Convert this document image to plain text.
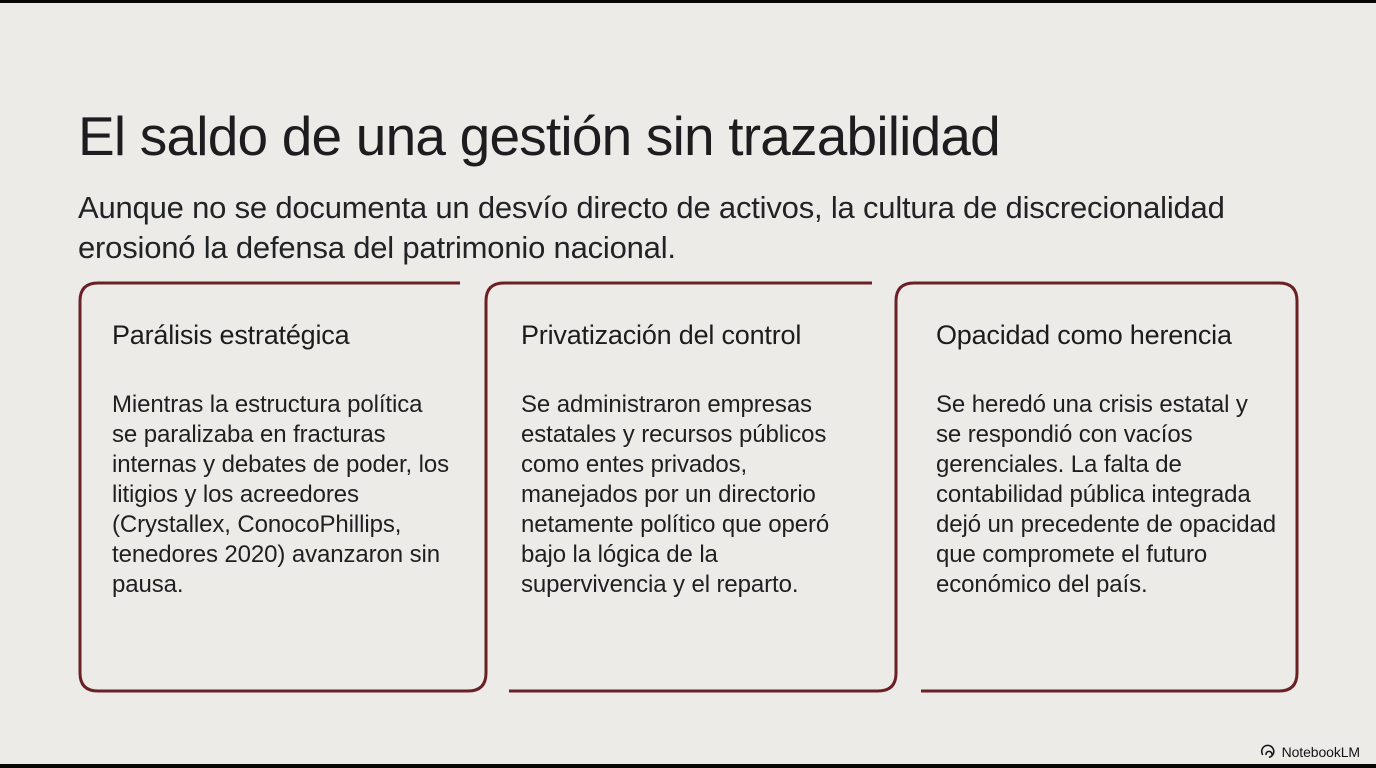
El saldo de una gestión sin trazabilidad

Aunque no se documenta un desvío directo de activos, la cultura de discrecionalidad erosionó la defensa del patrimonio nacional.

Parálisis estratégica

Mientras la estructura política se paralizaba en fracturas internas y debates de poder, los litigios y los acreedores (Crystallex, ConocoPhillips, tenedores 2020) avanzaron sin pausa.

Privatización del control

Se administraron empresas estatales y recursos públicos como entes privados, manejados por un directorio netamente político que operó bajo la lógica de la supervivencia y el reparto.

Opacidad como herencia

Se heredó una crisis estatal y se respondió con vacíos gerenciales. La falta de contabilidad pública integrada dejó un precedente de opacidad que compromete el futuro económico del país.

NotebookLM
